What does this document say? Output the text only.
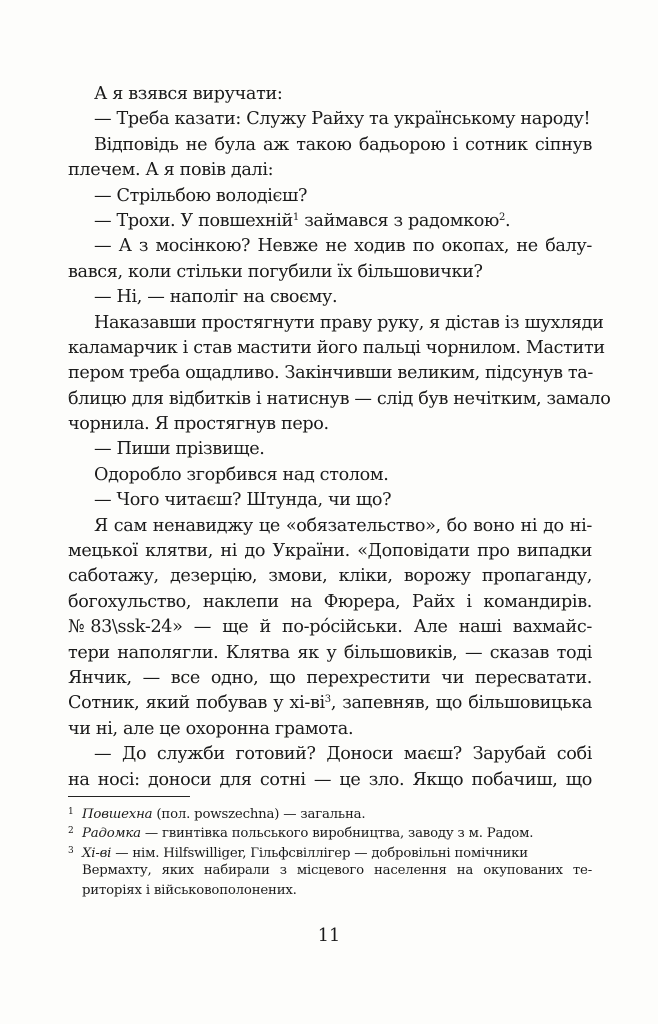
А я взявся виручати:
— Треба казати: Служу Райху та українському народу!
Відповідь не була аж такою бадьорою і сотник сіпнув
плечем. А я повів далі:
— Стрільбою володієш?
— Трохи. У повшехній$^1$ займався з радомкою$^2$.
— А з мосінкою? Невже не ходив по окопах, не балу-
вався, коли стільки погубили їх більшовички?
— Ні, — наполіг на своєму.
Наказавши простягнути праву руку, я дістав із шухляди
каламарчик і став мастити його пальці чорнилом. Мастити
пером треба ощадливо. Закінчивши великим, підсунув та-
блицю для відбитків і натиснув — слід був нечітким, замало
чорнила. Я простягнув перо.
— Пиши прізвище.
Одоробло згорбився над столом.
— Чого читаєш? Штунда, чи що?
Я сам ненавиджу це «обязательство», бо воно ні до ні-
мецької клятви, ні до України. «Доповідати про випадки
саботажу, дезерцію, змови, кліки, ворожу пропаганду,
богохульство, наклепи на Фюрера, Райх і командирів.
№83\ssk-24» — ще й по-ро́сійськи. Але наші вахмайс-
тери наполягли. Клятва як у більшовиків, — сказав тоді
Янчик, — все одно, що перехрестити чи пересватати.
Сотник, який побував у $хі-ві^3$, запевняв, що більшовицька
чи ні, але це охоронна грамота.
— До служби готовий? Доноси маєш? Зарубай собі
на носі: доноси для сотні — це зло. Якщо побачиш, що
1 Повшехна (пол. powszechna) — загальна.
2 Радомка — гвинтівка польського виробництва, заводу з м. Радом.
3 Хі-ві — нім. Hilfswilliger, Гільфсвіллігер — добровільні помічники
Вермахту, яких набирали з місцевого населення на окупованих те-
риторіях і військовополонених.
11
